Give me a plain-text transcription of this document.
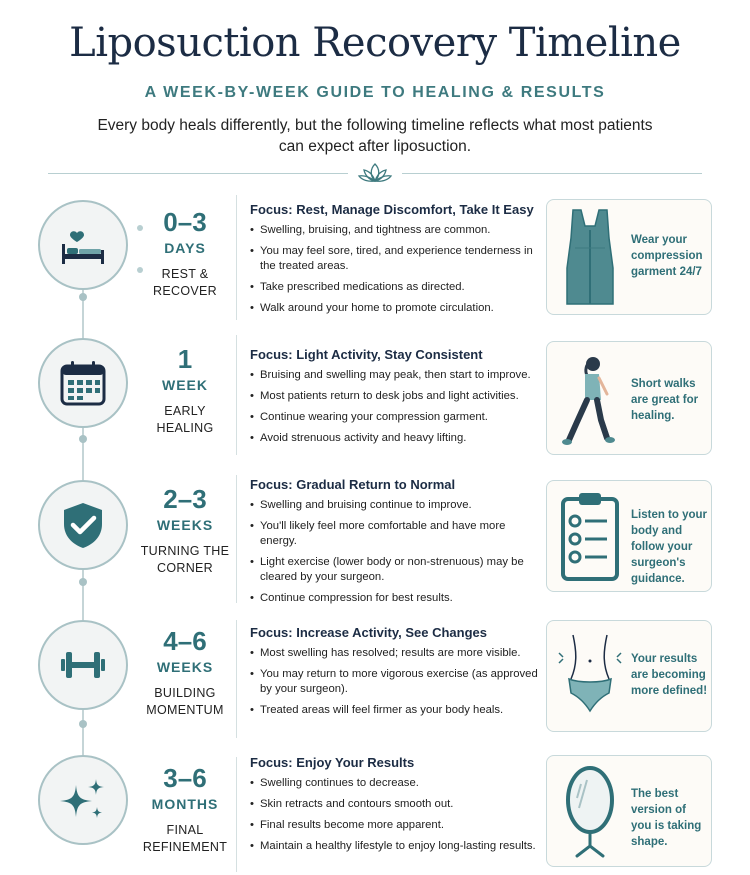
Liposuction Recovery Timeline
A WEEK-BY-WEEK GUIDE TO HEALING & RESULTS
Every body heals differently, but the following timeline reflects what most patients can expect after liposuction.
0–3
DAYS
REST &
RECOVER
Focus: Rest, Manage Discomfort, Take It Easy
• Swelling, bruising, and tightness are common.
• You may feel sore, tired, and experience tenderness in the treated areas.
• Take prescribed medications as directed.
• Walk around your home to promote circulation.
Wear your compression garment 24/7
1
WEEK
EARLY
HEALING
Focus: Light Activity, Stay Consistent
• Bruising and swelling may peak, then start to improve.
• Most patients return to desk jobs and light activities.
• Continue wearing your compression garment.
• Avoid strenuous activity and heavy lifting.
Short walks are great for healing.
2–3
WEEKS
TURNING THE
CORNER
Focus: Gradual Return to Normal
• Swelling and bruising continue to improve.
• You'll likely feel more comfortable and have more energy.
• Light exercise (lower body or non-strenuous) may be cleared by your surgeon.
• Continue compression for best results.
Listen to your body and follow your surgeon's guidance.
4–6
WEEKS
BUILDING
MOMENTUM
Focus: Increase Activity, See Changes
• Most swelling has resolved; results are more visible.
• You may return to more vigorous exercise (as approved by your surgeon).
• Treated areas will feel firmer as your body heals.
Your results are becoming more defined!
3–6
MONTHS
FINAL
REFINEMENT
Focus: Enjoy Your Results
• Swelling continues to decrease.
• Skin retracts and contours smooth out.
• Final results become more apparent.
• Maintain a healthy lifestyle to enjoy long-lasting results.
The best version of you is taking shape.
